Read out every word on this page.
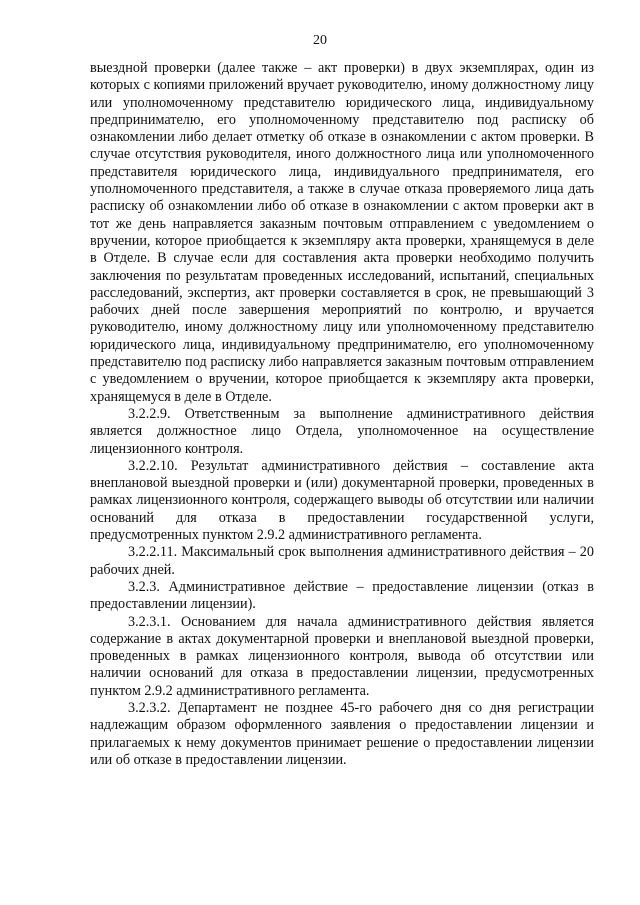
20

выездной проверки (далее также – акт проверки) в двух экземплярах, один из которых с копиями приложений вручает руководителю, иному должностному лицу или уполномоченному представителю юридического лица, индивидуальному предпринимателю, его уполномоченному представителю под расписку об ознакомлении либо делает отметку об отказе в ознакомлении с актом проверки. В случае отсутствия руководителя, иного должностного лица или уполномоченного представителя юридического лица, индивидуального предпринимателя, его уполномоченного представителя, а также в случае отказа проверяемого лица дать расписку об ознакомлении либо об отказе в ознакомлении с актом проверки акт в тот же день направляется заказным почтовым отправлением с уведомлением о вручении, которое приобщается к экземпляру акта проверки, хранящемуся в деле в Отделе. В случае если для составления акта проверки необходимо получить заключения по результатам проведенных исследований, испытаний, специальных расследований, экспертиз, акт проверки составляется в срок, не превышающий 3 рабочих дней после завершения мероприятий по контролю, и вручается руководителю, иному должностному лицу или уполномоченному представителю юридического лица, индивидуальному предпринимателю, его уполномоченному представителю под расписку либо направляется заказным почтовым отправлением с уведомлением о вручении, которое приобщается к экземпляру акта проверки, хранящемуся в деле в Отделе.

3.2.2.9. Ответственным за выполнение административного действия является должностное лицо Отдела, уполномоченное на осуществление лицензионного контроля.

3.2.2.10. Результат административного действия – составление акта внеплановой выездной проверки и (или) документарной проверки, проведенных в рамках лицензионного контроля, содержащего выводы об отсутствии или наличии оснований для отказа в предоставлении государственной услуги, предусмотренных пунктом 2.9.2 административного регламента.

3.2.2.11. Максимальный срок выполнения административного действия – 20 рабочих дней.

3.2.3. Административное действие – предоставление лицензии (отказ в предоставлении лицензии).

3.2.3.1. Основанием для начала административного действия является содержание в актах документарной проверки и внеплановой выездной проверки, проведенных в рамках лицензионного контроля, вывода об отсутствии или наличии оснований для отказа в предоставлении лицензии, предусмотренных пунктом 2.9.2 административного регламента.

3.2.3.2. Департамент не позднее 45-го рабочего дня со дня регистрации надлежащим образом оформленного заявления о предоставлении лицензии и прилагаемых к нему документов принимает решение о предоставлении лицензии или об отказе в предоставлении лицензии.
